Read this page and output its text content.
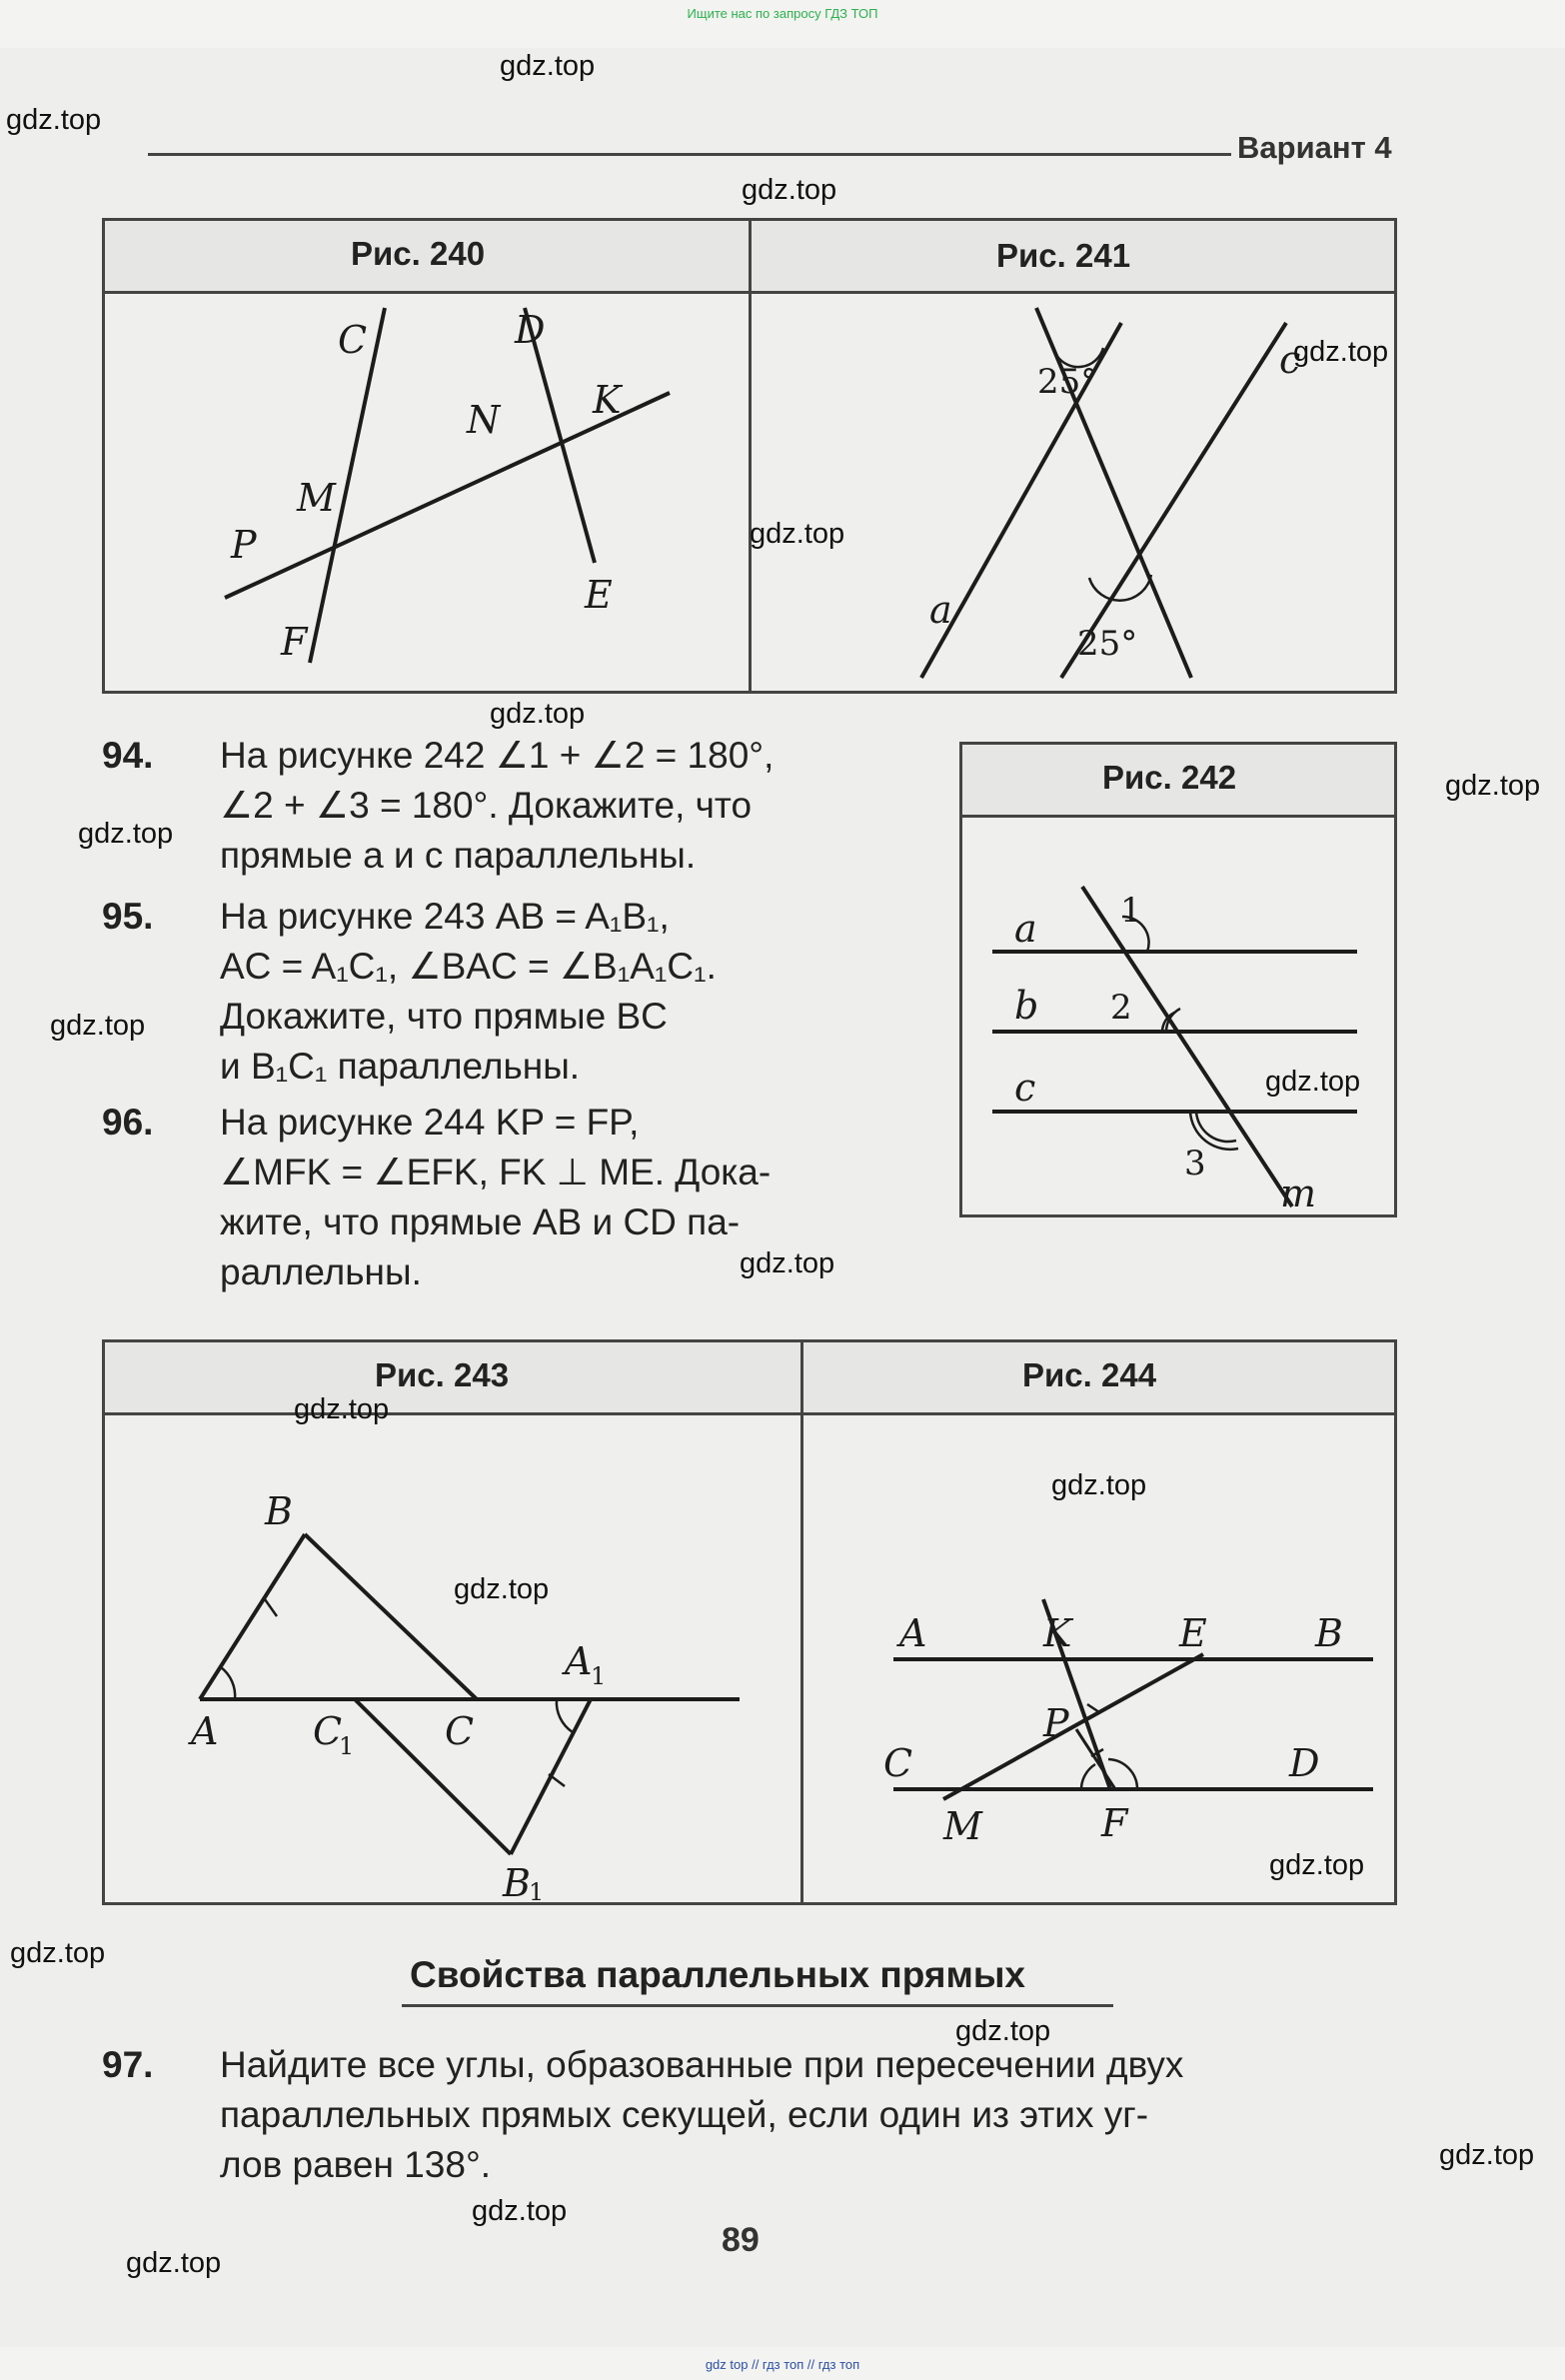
Ищите нас по запросу ГДЗ ТОП
Вариант 4
Рис. 240	Рис. 241
C	D
N K
M
P
F
E
25°	c
a
25°
94. На рисунке 242 ∠1 + ∠2 = 180°,

∠2 + ∠3 = 180°. Докажите, что

прямые a и c параллельны.

95. На рисунке 243 AB = A₁B₁,

AC = A₁C₁, ∠BAC = ∠B₁A₁C₁.

Докажите, что прямые BC

и B₁C₁ параллельны.

96. На рисунке 244 KP = FP,

∠MFK = ∠EFK, FK ⊥ ME. Дока-

жите, что прямые AB и CD па-

раллельны.

Рис. 242
a 1
b 2
c
3
m
Рис. 243	Рис. 244
B
A C
1 C
A
1
B
1
A	K	E	B
P
C	D
M	F
Свойства параллельных прямых
97. Найдите все углы, образованные при пересечении двух

параллельных прямых секущей, если один из этих уг-

лов равен 138°.

89
gdz.top
gdz.top
gdz.top
gdz.top
gdz.top
gdz.top
gdz.top
gdz.top
gdz.top
gdz.top
gdz.top
gdz.top
gdz.top
gdz.top
gdz.top
gdz.top
gdz.top
gdz.top
gdz.top
gdz.top
gdz top // гдз топ // гдз топ
